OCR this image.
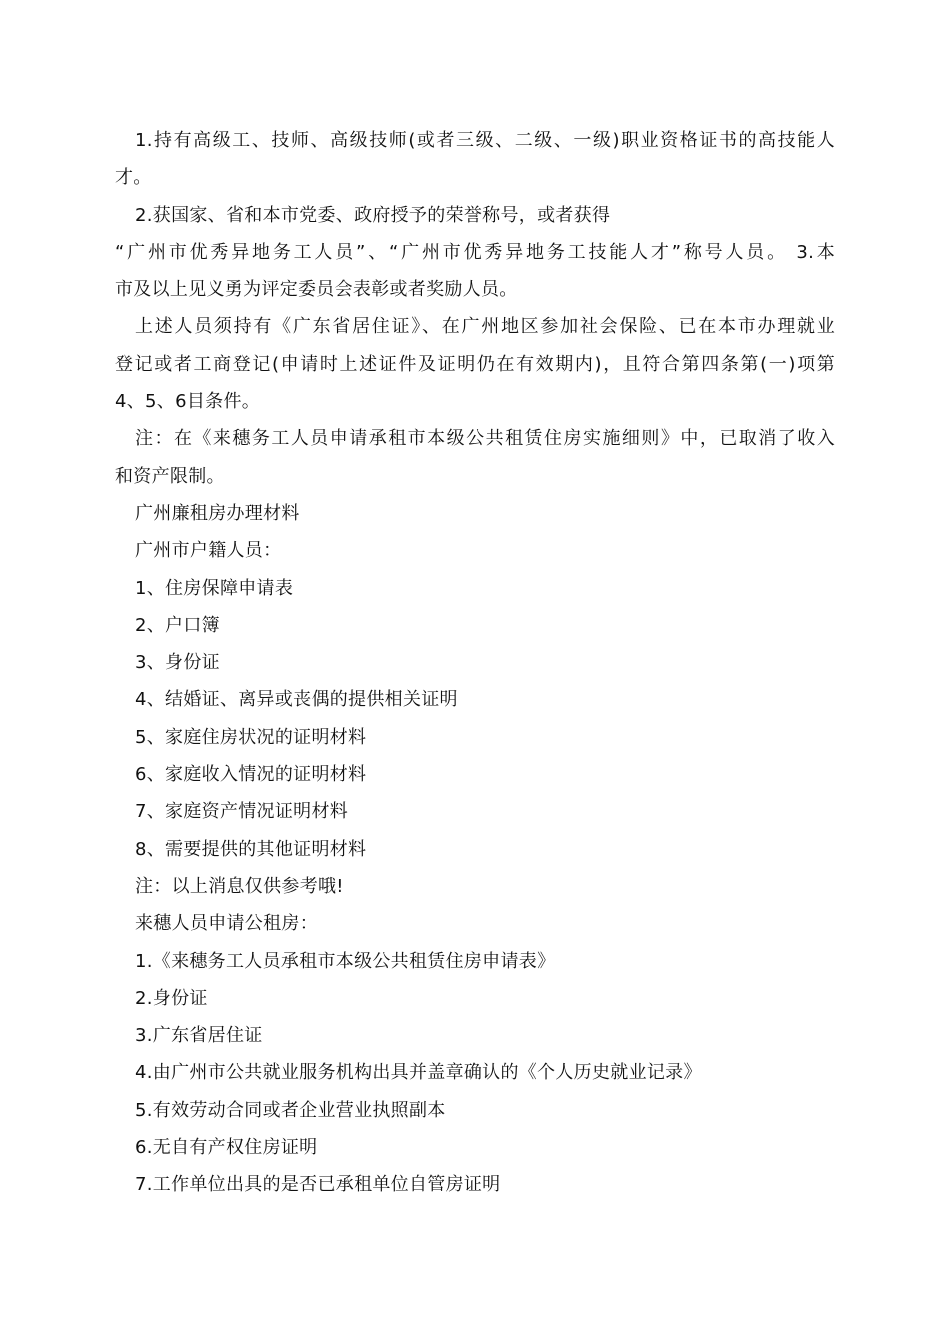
1.持有高级工、技师、高级技师(或者三级、二级、一级)职业资格证书的高技能人
才。
2.获国家、省和本市党委、政府授予的荣誉称号，或者获得
“广州市优秀异地务工人员”、“广州市优秀异地务工技能人才”称号人员。 3.本
市及以上见义勇为评定委员会表彰或者奖励人员。
上述人员须持有《广东省居住证》、在广州地区参加社会保险、已在本市办理就业
登记或者工商登记(申请时上述证件及证明仍在有效期内)，且符合第四条第(一)项第
4、5、6目条件。
注：在《来穗务工人员申请承租市本级公共租赁住房实施细则》中，已取消了收入
和资产限制。
广州廉租房办理材料
广州市户籍人员：
1、住房保障申请表
2、户口簿
3、身份证
4、结婚证、离异或丧偶的提供相关证明
5、家庭住房状况的证明材料
6、家庭收入情况的证明材料
7、家庭资产情况证明材料
8、需要提供的其他证明材料
注：以上消息仅供参考哦!
来穗人员申请公租房：
1.《来穗务工人员承租市本级公共租赁住房申请表》
2.身份证
3.广东省居住证
4.由广州市公共就业服务机构出具并盖章确认的《个人历史就业记录》
5.有效劳动合同或者企业营业执照副本
6.无自有产权住房证明
7.工作单位出具的是否已承租单位自管房证明
